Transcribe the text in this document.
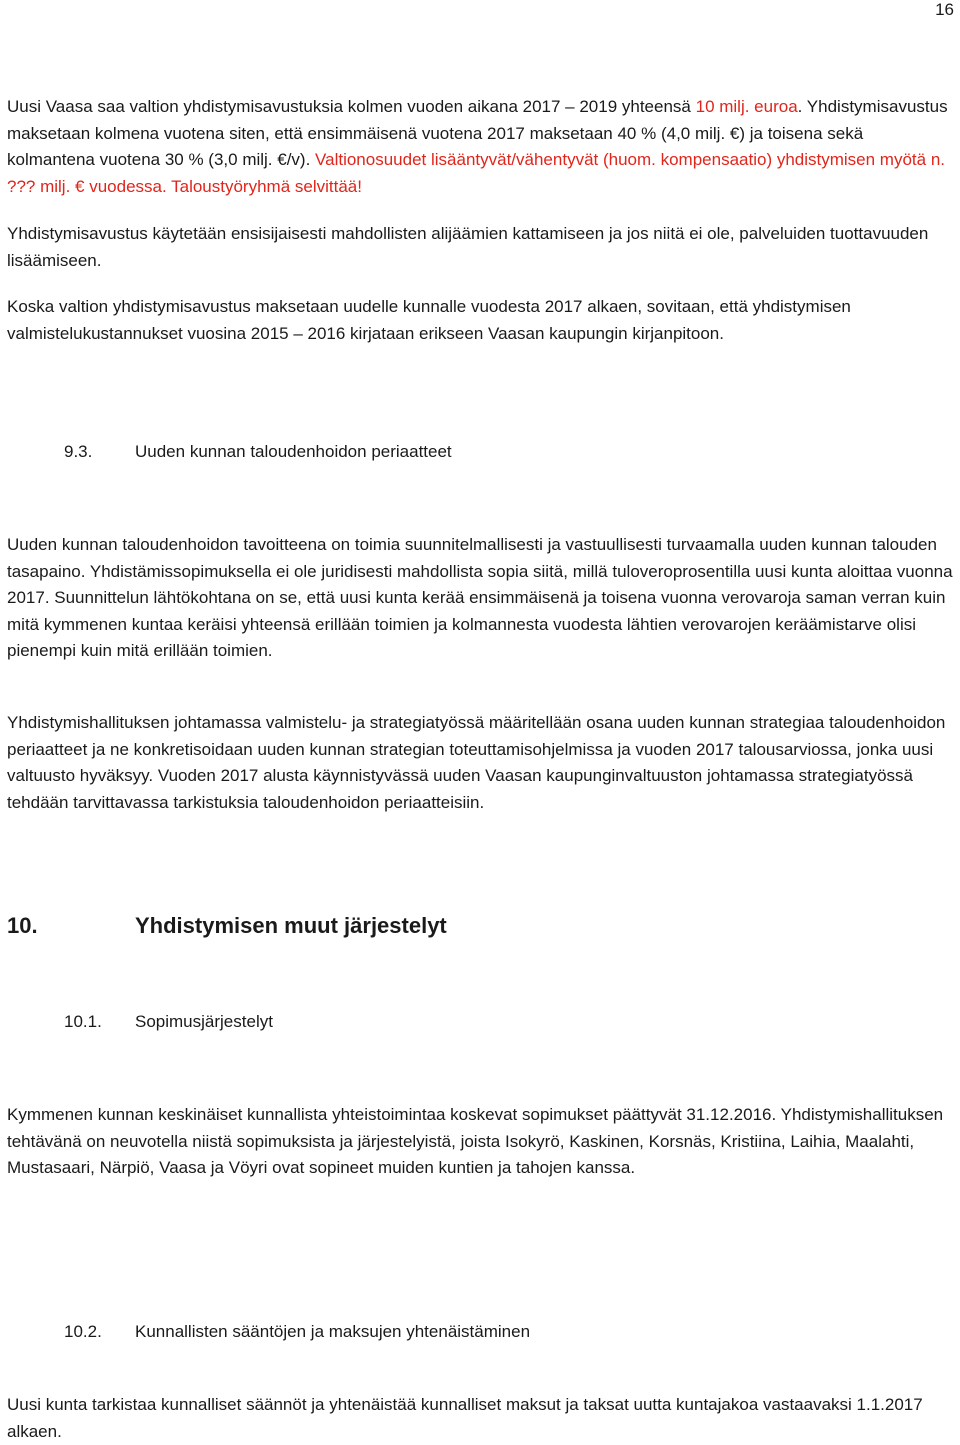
16

Uusi Vaasa saa valtion yhdistymisavustuksia kolmen vuoden aikana 2017 – 2019 yhteensä 10 milj. euroa. Yhdistymisavustus maksetaan kolmena vuotena siten, että ensimmäisenä vuotena 2017 maksetaan 40 % (4,0 milj. €) ja toisena sekä kolmantena vuotena 30 % (3,0 milj. €/v). Valtionosuudet lisääntyvät/vähentyvät (huom. kompensaatio) yhdistymisen myötä n. ??? milj. € vuodessa. Taloustyöryhmä selvittää!

Yhdistymisavustus käytetään ensisijaisesti mahdollisten alijäämien kattamiseen ja jos niitä ei ole, palveluiden tuottavuuden lisäämiseen.

Koska valtion yhdistymisavustus maksetaan uudelle kunnalle vuodesta 2017 alkaen, sovitaan, että yhdistymisen valmistelukustannukset vuosina 2015 – 2016 kirjataan erikseen Vaasan kaupungin kirjanpitoon.

9.3.	Uuden kunnan taloudenhoidon periaatteet

Uuden kunnan taloudenhoidon tavoitteena on toimia suunnitelmallisesti ja vastuullisesti turvaamalla uuden kunnan talouden tasapaino. Yhdistämissopimuksella ei ole juridisesti mahdollista sopia siitä, millä tuloveroprosentilla uusi kunta aloittaa vuonna 2017. Suunnittelun lähtökohtana on se, että uusi kunta kerää ensimmäisenä ja toisena vuonna verovaroja saman verran kuin mitä kymmenen kuntaa keräisi yhteensä erillään toimien ja kolmannesta vuodesta lähtien verovarojen keräämistarve olisi pienempi kuin mitä erillään toimien.

Yhdistymishallituksen johtamassa valmistelu- ja strategiatyössä määritellään osana uuden kunnan strategiaa taloudenhoidon periaatteet ja ne konkretisoidaan uuden kunnan strategian toteuttamisohjelmissa ja vuoden 2017 talousarviossa, jonka uusi valtuusto hyväksyy. Vuoden 2017 alusta käynnistyvässä uuden Vaasan kaupunginvaltuuston johtamassa strategiatyössä tehdään tarvittavassa tarkistuksia taloudenhoidon periaatteisiin.

10.	Yhdistymisen muut järjestelyt
10.1. Sopimusjärjestelyt

Kymmenen kunnan keskinäiset kunnallista yhteistoimintaa koskevat sopimukset päättyvät 31.12.2016. Yhdistymishallituksen tehtävänä on neuvotella niistä sopimuksista ja järjestelyistä, joista Isokyrö, Kaskinen, Korsnäs, Kristiina, Laihia, Maalahti, Mustasaari, Närpiö, Vaasa ja Vöyri ovat sopineet muiden kuntien ja tahojen kanssa.

10.2. Kunnallisten sääntöjen ja maksujen yhtenäistäminen

Uusi kunta tarkistaa kunnalliset säännöt ja yhtenäistää kunnalliset maksut ja taksat uutta kuntajakoa vastaavaksi 1.1.2017 alkaen.
